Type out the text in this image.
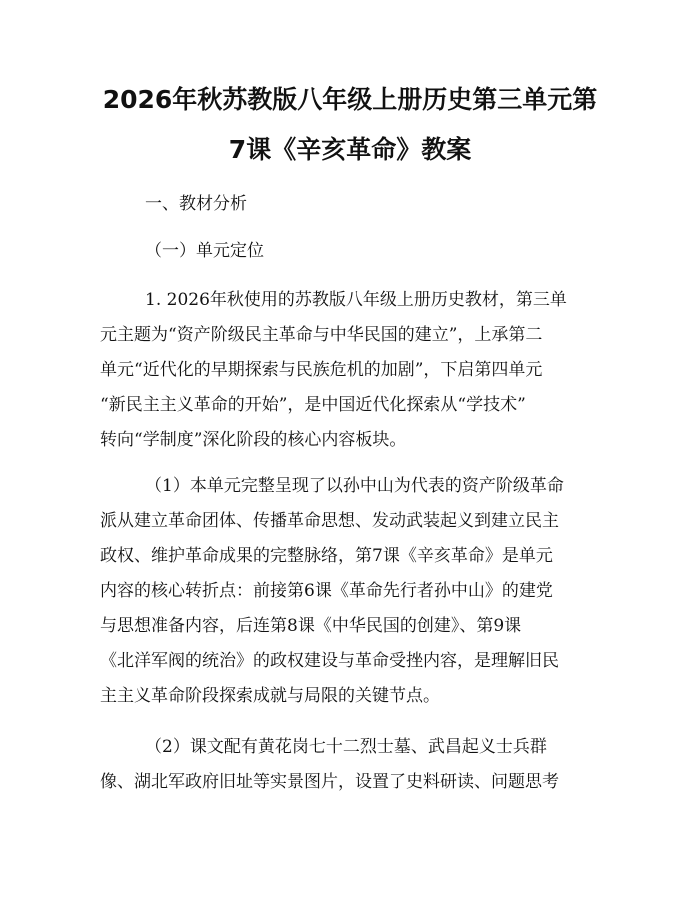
2026年秋苏教版八年级上册历史第三单元第
7课《辛亥革命》教案
一、教材分析
（一）单元定位
1. 2026年秋使用的苏教版八年级上册历史教材，第三单
元主题为“资产阶级民主革命与中华民国的建立”，上承第二
单元“近代化的早期探索与民族危机的加剧”，下启第四单元
“新民主主义革命的开始”，是中国近代化探索从“学技术”
转向“学制度”深化阶段的核心内容板块。
（1）本单元完整呈现了以孙中山为代表的资产阶级革命
派从建立革命团体、传播革命思想、发动武装起义到建立民主
政权、维护革命成果的完整脉络，第7课《辛亥革命》是单元
内容的核心转折点：前接第6课《革命先行者孙中山》的建党
与思想准备内容，后连第8课《中华民国的创建》、第9课
《北洋军阀的统治》的政权建设与革命受挫内容，是理解旧民
主主义革命阶段探索成就与局限的关键节点。
（2）课文配有黄花岗七十二烈士墓、武昌起义士兵群
像、湖北军政府旧址等实景图片，设置了史料研读、问题思考
